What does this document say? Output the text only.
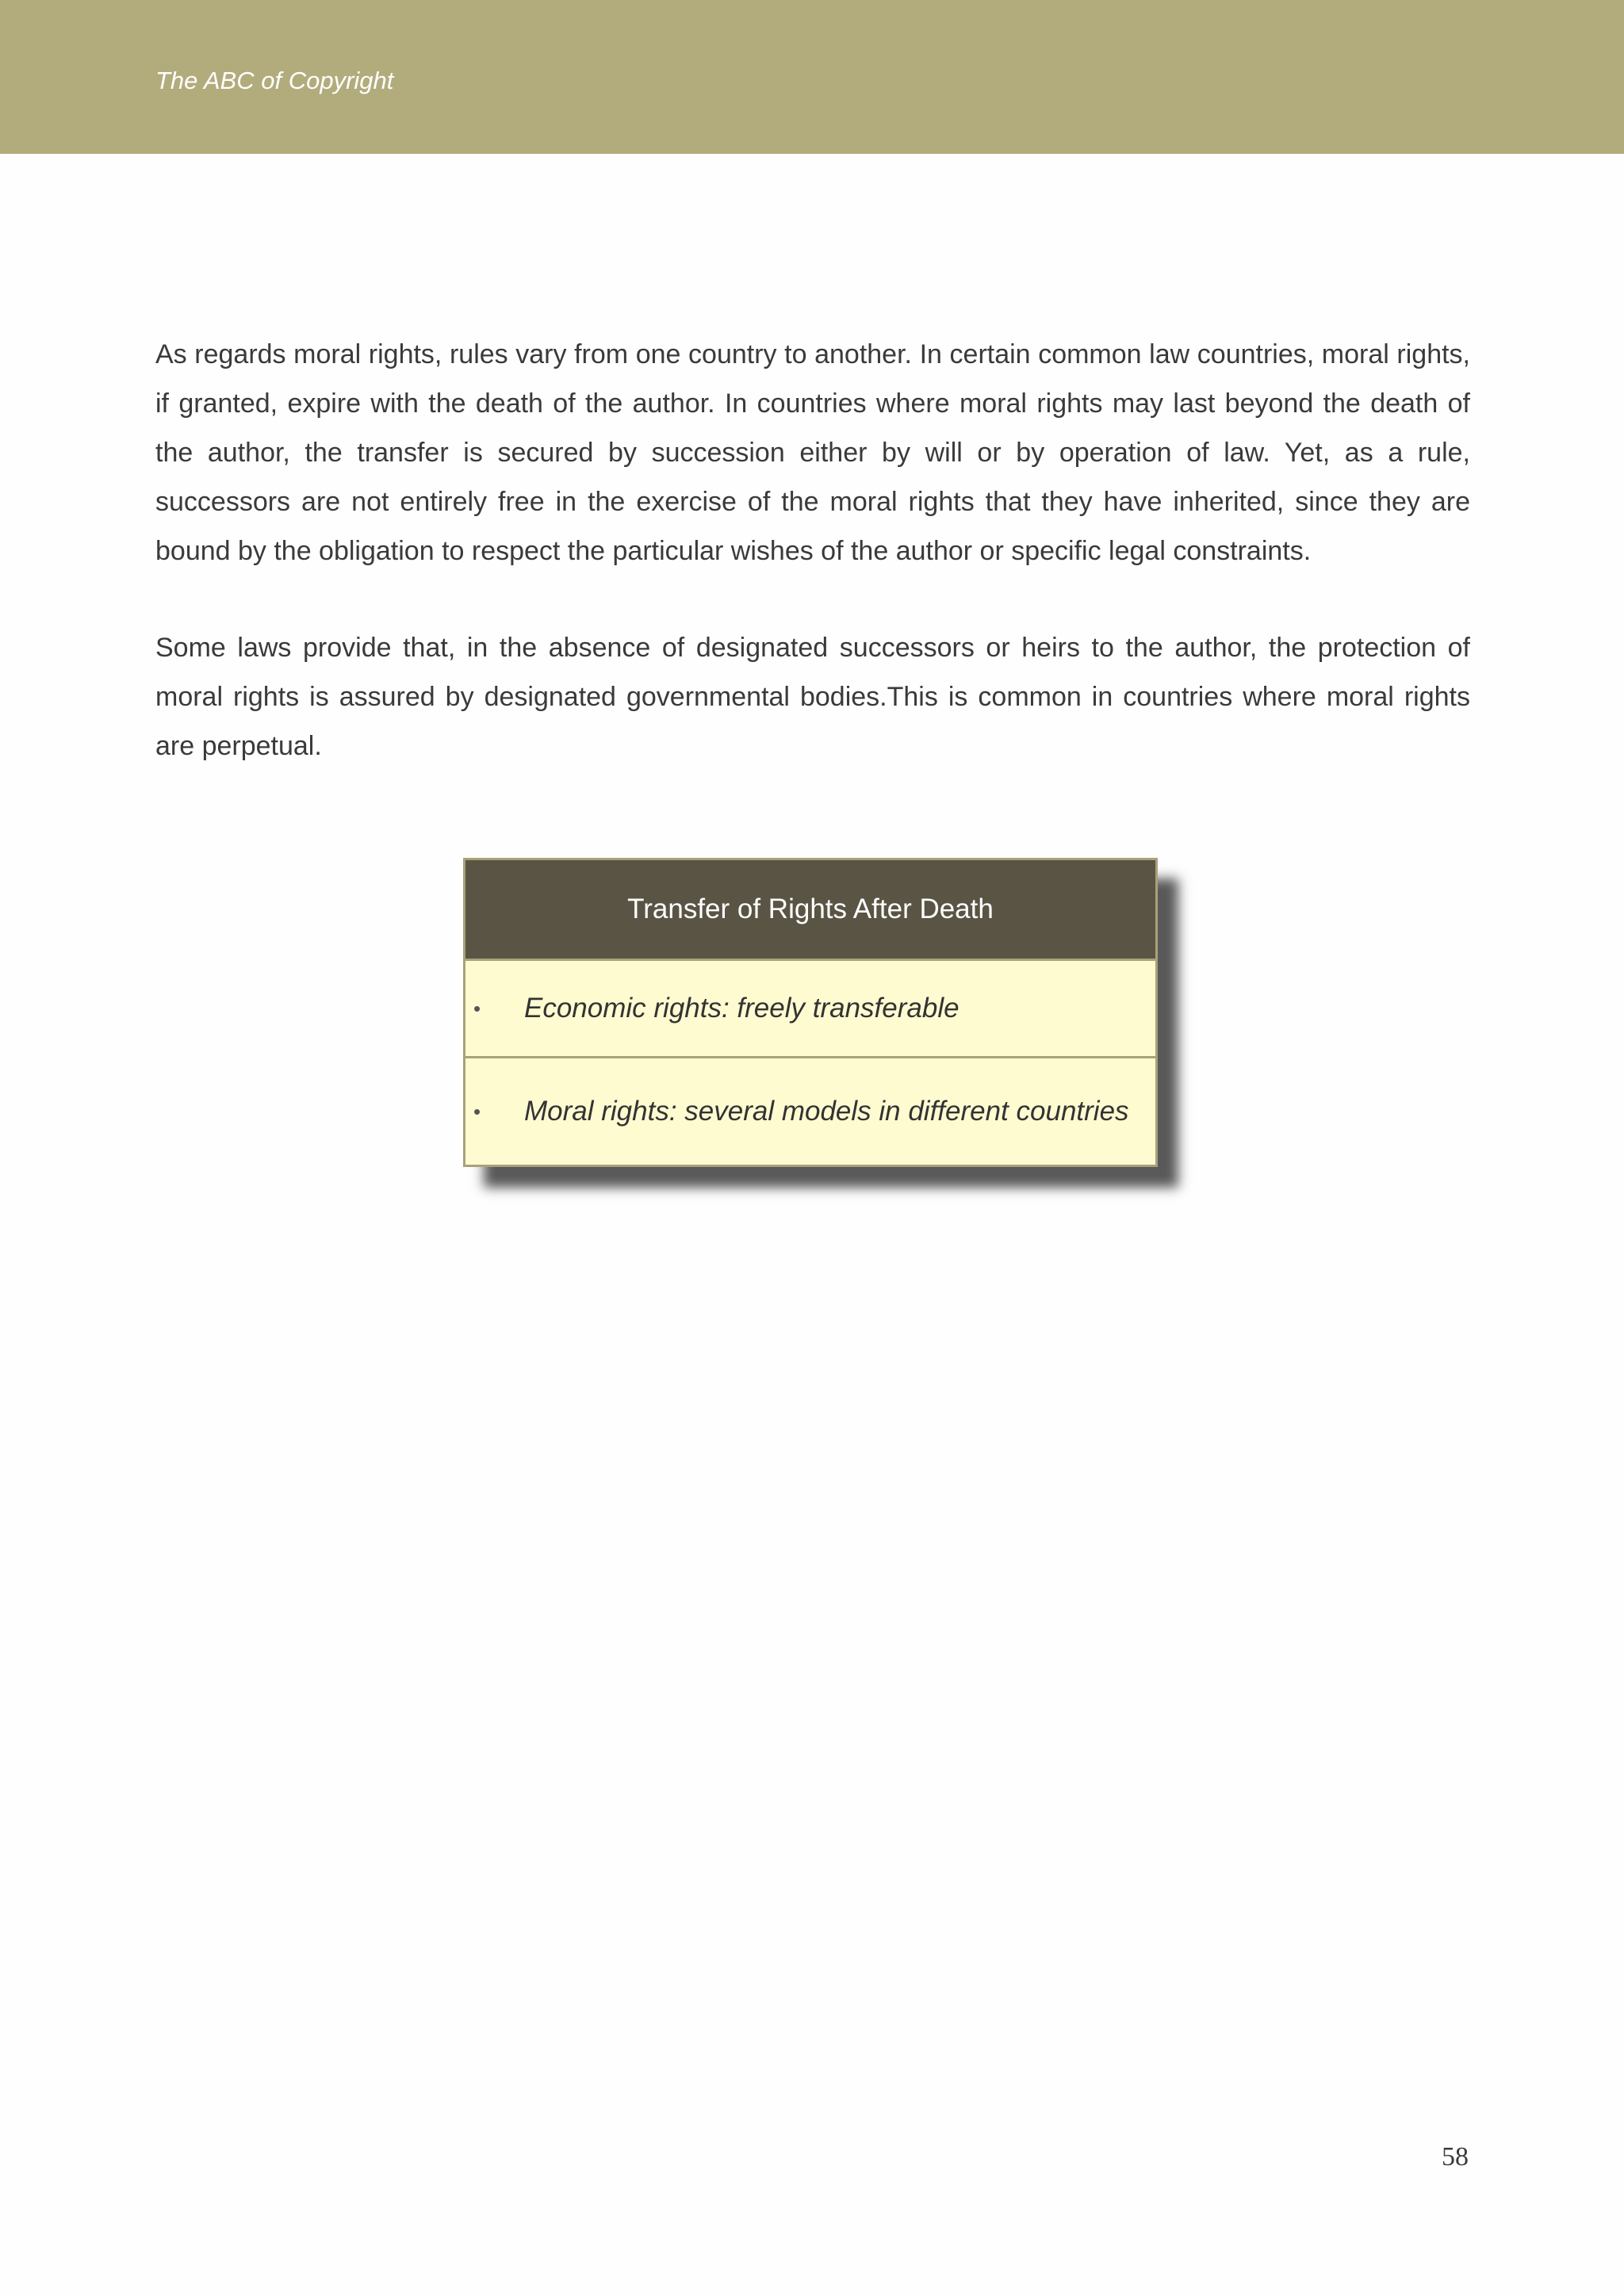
The ABC of Copyright

As regards moral rights, rules vary from one country to another. In certain common law countries, moral rights, if granted, expire with the death of the author. In countries where moral rights may last beyond the death of the author, the transfer is secured by succession either by will or by operation of law. Yet, as a rule, successors are not entirely free in the exercise of the moral rights that they have inherited, since they are bound by the obligation to respect the particular wishes of the author or specific legal constraints.

Some laws provide that, in the absence of designated successors or heirs to the author, the protection of moral rights is assured by designated governmental bodies.This is common in countries where moral rights are perpetual.

Transfer of Rights After Death
• Economic rights: freely transferable
• Moral rights: several models in different countries
58
